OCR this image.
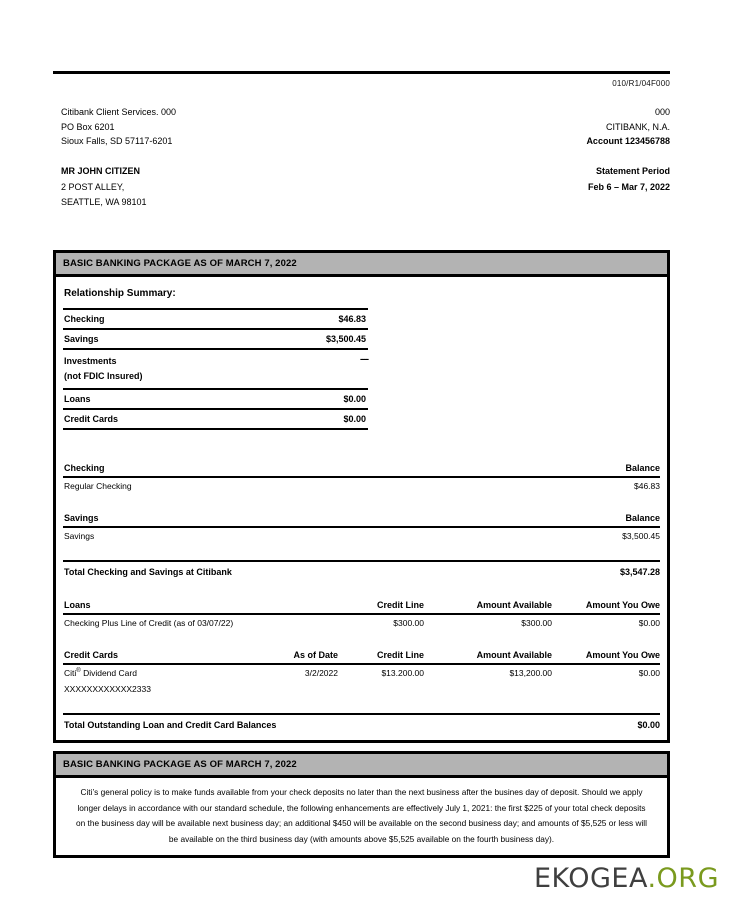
010/R1/04F000
Citibank Client Services. 000
PO Box 6201
Sioux Falls, SD 57117-6201
000
CITIBANK, N.A.
Account 123456788
MR JOHN CITIZEN
2 POST ALLEY,
SEATTLE, WA 98101
Statement Period
Feb 6 – Mar 7, 2022
BASIC BANKING PACKAGE AS OF MARCH 7, 2022
Relationship Summary:
Checking	$46.83
Savings	$3,500.45

Investments
(not FDIC Insured)	----
Loans	$0.00
Credit Cards	$0.00
Checking	Balance
Regular Checking	$46.83
Savings	Balance
Savings	$3,500.45

Total Checking and Savings at Citibank	$3,547.28
Loans	Credit Line	Amount Available	Amount You Owe
Checking Plus Line of Credit (as of 03/07/22)	$300.00	$300.00	$0.00
Credit Cards	As of Date	Credit Line	Amount Available	Amount You Owe
Citi® Dividend Card	3/2/2022	$13.200.00	$13,200.00	$0.00
XXXXXXXXXXXX2333				

Total Outstanding Loan and Credit Card Balances				$0.00
BASIC BANKING PACKAGE AS OF MARCH 7, 2022
Citi’s general policy is to make funds available from your check deposits no later than the next business after the busines day of deposit. Should we apply longer delays in accordance with our standard schedule, the following enhancements are effectively July 1, 2021: the first $225 of your total check deposits on the business day will be available next business day; an additional $450 will be available on the second business day; and amounts of $5,525 or less will be available on the third business day (with amounts above $5,525 available on the fourth business day).
EKOGEA.ORG
